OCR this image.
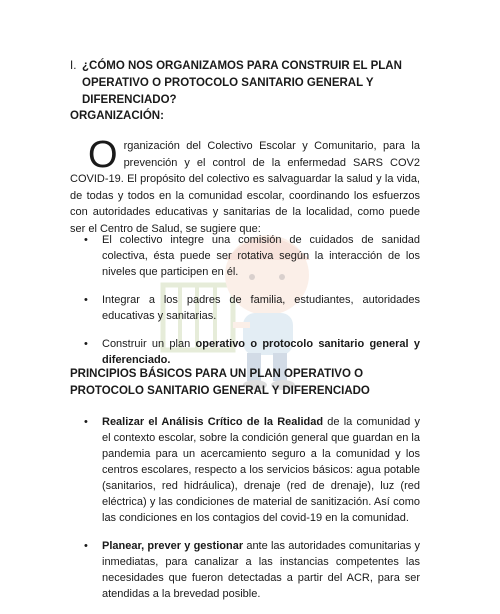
I. ¿CÓMO NOS ORGANIZAMOS PARA CONSTRUIR EL PLAN OPERATIVO O PROTOCOLO SANITARIO GENERAL Y DIFERENCIADO?
ORGANIZACIÓN:
Organización del Colectivo Escolar y Comunitario, para la prevención y el control de la enfermedad SARS COV2 COVID-19. El propósito del colectivo es salvaguardar la salud y la vida, de todas y todos en la comunidad escolar, coordinando los esfuerzos con autoridades educativas y sanitarias de la localidad, como puede ser el Centro de Salud, se sugiere que:
• El colectivo integre una comisión de cuidados de sanidad colectiva, ésta puede ser rotativa según la interacción de los niveles que participen en él.
• Integrar a los padres de familia, estudiantes, autoridades educativas y sanitarias.
• Construir un plan operativo o protocolo sanitario general y diferenciado.
PRINCIPIOS BÁSICOS PARA UN PLAN OPERATIVO O PROTOCOLO SANITARIO GENERAL Y DIFERENCIADO
• Realizar el Análisis Crítico de la Realidad de la comunidad y el contexto escolar, sobre la condición general que guardan en la pandemia para un acercamiento seguro a la comunidad y los centros escolares, respecto a los servicios básicos: agua potable (sanitarios, red hidráulica), drenaje (red de drenaje), luz (red eléctrica) y las condiciones de material de sanitización. Así como las condiciones en los contagios del covid-19 en la comunidad.
• Planear, prever y gestionar ante las autoridades comunitarias y inmediatas, para canalizar a las instancias competentes las necesidades que fueron detectadas a partir del ACR, para ser atendidas a la brevedad posible.
